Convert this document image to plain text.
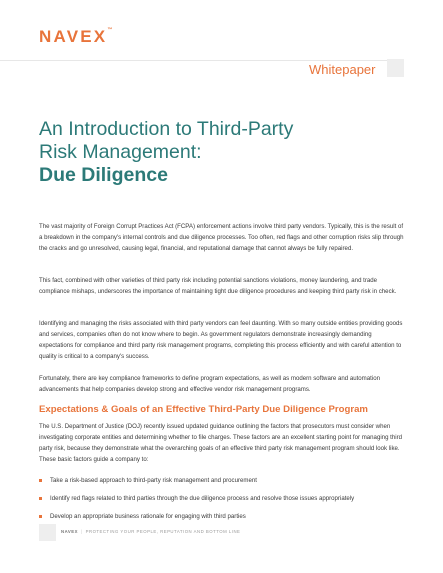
NAVEX™
Whitepaper
An Introduction to Third-Party
Risk Management:
Due Diligence

The vast majority of Foreign Corrupt Practices Act (FCPA) enforcement actions involve third party vendors. Typically, this is the result of a breakdown in the company's internal controls and due diligence processes. Too often, red flags and other corruption risks slip through the cracks and go unresolved, causing legal, financial, and reputational damage that cannot always be fully repaired.

This fact, combined with other varieties of third party risk including potential sanctions violations, money laundering, and trade compliance mishaps, underscores the importance of maintaining tight due diligence procedures and keeping third party risk in check.

Identifying and managing the risks associated with third party vendors can feel daunting. With so many outside entities providing goods and services, companies often do not know where to begin. As government regulators demonstrate increasingly demanding expectations for compliance and third party risk management programs, completing this process efficiently and with careful attention to quality is critical to a company's success.

Fortunately, there are key compliance frameworks to define program expectations, as well as modern software and automation advancements that help companies develop strong and effective vendor risk management programs.

Expectations & Goals of an Effective Third-Party Due Diligence Program

The U.S. Department of Justice (DOJ) recently issued updated guidance outlining the factors that prosecutors must consider when investigating corporate entities and determining whether to file charges. These factors are an excellent starting point for managing third party risk, because they demonstrate what the overarching goals of an effective third party risk management program should look like. These basic factors guide a company to:

Take a risk-based approach to third-party risk management and procurement
Identify red flags related to third parties through the due diligence process and resolve those issues appropriately
Develop an appropriate business rationale for engaging with third parties
NAVEX | PROTECTING YOUR PEOPLE, REPUTATION AND BOTTOM LINE
